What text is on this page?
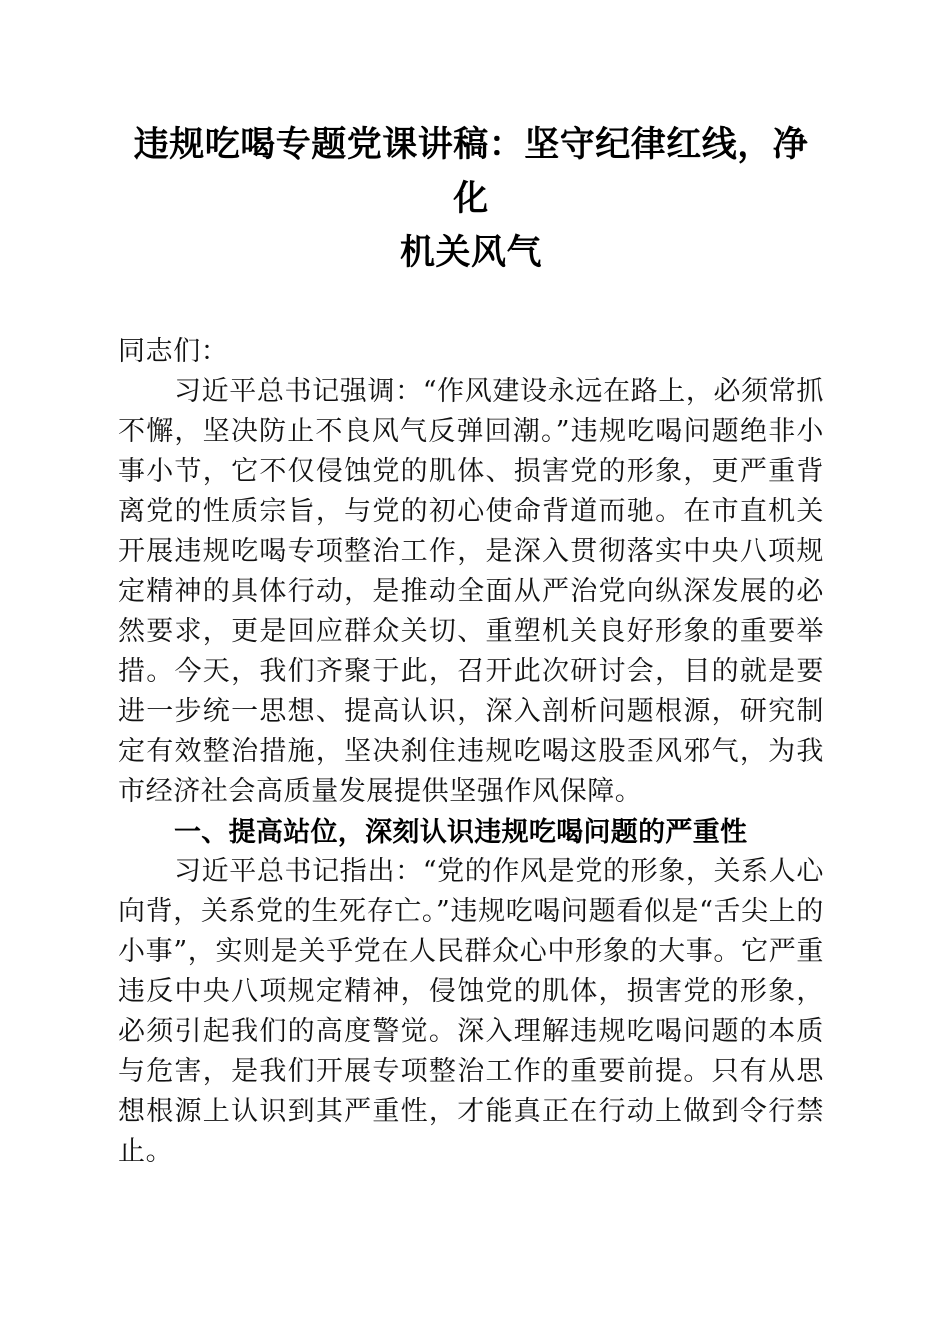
违规吃喝专题党课讲稿：坚守纪律红线，净化
机关风气

同志们：

习近平总书记强调：“作风建设永远在路上，必须常抓不懈，坚决防止不良风气反弹回潮。”违规吃喝问题绝非小事小节，它不仅侵蚀党的肌体、损害党的形象，更严重背离党的性质宗旨，与党的初心使命背道而驰。在市直机关开展违规吃喝专项整治工作，是深入贯彻落实中央八项规定精神的具体行动，是推动全面从严治党向纵深发展的必然要求，更是回应群众关切、重塑机关良好形象的重要举措。今天，我们齐聚于此，召开此次研讨会，目的就是要进一步统一思想、提高认识，深入剖析问题根源，研究制定有效整治措施，坚决刹住违规吃喝这股歪风邪气，为我市经济社会高质量发展提供坚强作风保障。

一、提高站位，深刻认识违规吃喝问题的严重性

习近平总书记指出：“党的作风是党的形象，关系人心向背，关系党的生死存亡。”违规吃喝问题看似是“舌尖上的小事”，实则是关乎党在人民群众心中形象的大事。它严重违反中央八项规定精神，侵蚀党的肌体，损害党的形象，必须引起我们的高度警觉。深入理解违规吃喝问题的本质与危害，是我们开展专项整治工作的重要前提。只有从思想根源上认识到其严重性，才能真正在行动上做到令行禁止。
